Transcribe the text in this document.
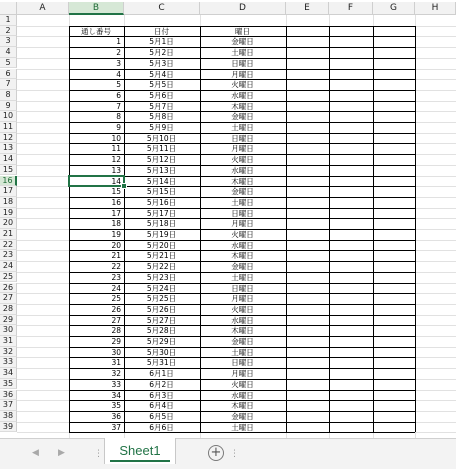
A	B	C	D	E	F	G	H
1
2
3
4
5
6
7
8
9
10
11
12
13
14
15
16
17
18
19
20
21
22
23
24
25
26
27
28
29
30
31
32
33
34
35
36
37
38
39
通し番号	日付	曜日
1	5月1日	金曜日
2	5月2日	土曜日
3	5月3日	日曜日
4	5月4日	月曜日
5	5月5日	火曜日
6	5月6日	水曜日
7	5月7日	木曜日
8	5月8日	金曜日
9	5月9日	土曜日
10	5月10日	日曜日
11	5月11日	月曜日
12	5月12日	火曜日
13	5月13日	水曜日
14	5月14日	木曜日
15	5月15日	金曜日
16	5月16日	土曜日
17	5月17日	日曜日
18	5月18日	月曜日
19	5月19日	火曜日
20	5月20日	水曜日
21	5月21日	木曜日
22	5月22日	金曜日
23	5月23日	土曜日
24	5月24日	日曜日
25	5月25日	月曜日
26	5月26日	火曜日
27	5月27日	水曜日
28	5月28日	木曜日
29	5月29日	金曜日
30	5月30日	土曜日
31	5月31日	日曜日
32	6月1日	月曜日
33	6月2日	火曜日
34	6月3日	水曜日
35	6月4日	木曜日
36	6月5日	金曜日
37	6月6日	土曜日
◀ ▶	⋮	Sheet1	+ ⋮
